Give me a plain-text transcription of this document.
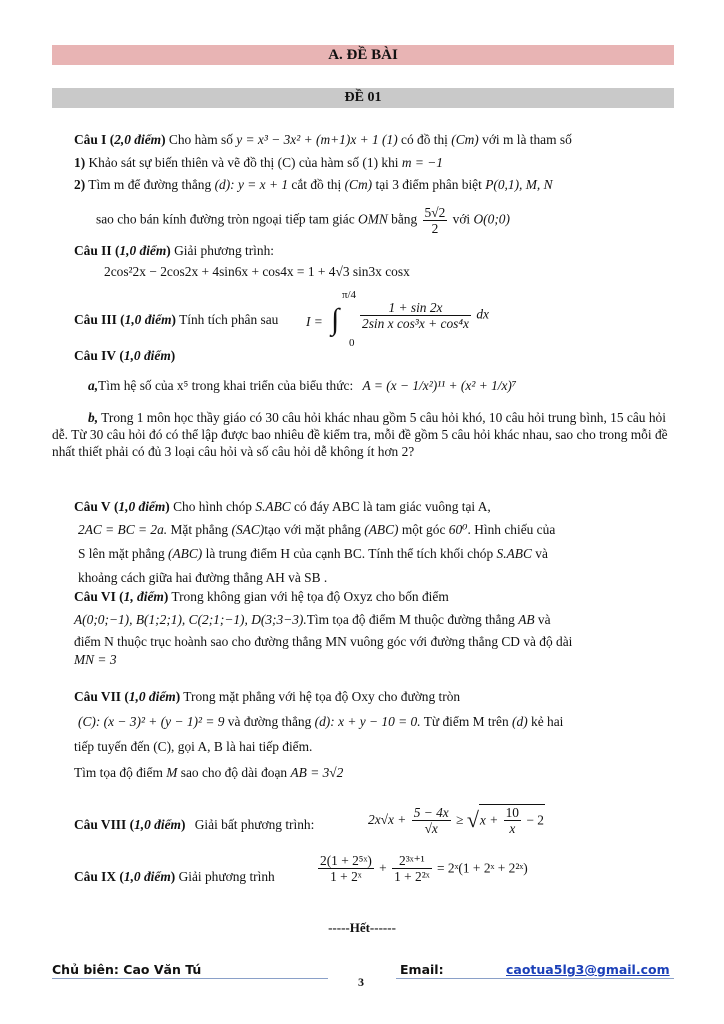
A. ĐỀ BÀI
ĐỀ 01
Câu I (2,0 điểm) Cho hàm số y = x³ − 3x² + (m+1)x + 1 (1) có đồ thị (Cm) với m là tham số
1) Khảo sát sự biến thiên và vẽ đồ thị (C) của hàm số (1) khi m = −1
2) Tìm m để đường thẳng (d): y = x + 1 cắt đồ thị (Cm) tại 3 điểm phân biệt P(0,1), M, N
sao cho bán kính đường tròn ngoại tiếp tam giác OMN bằng $\frac{5√2}{2}$ với O(0;0)
Câu II (1,0 điểm) Giải phương trình:
2cos²2x − 2cos2x + 4sin6x + cos4x = 1 + 4√3 sin3x cosx
Câu III (1,0 điểm) Tính tích phân sau
π/4
I = ∫
0
$\frac{1 + \sin 2x}{\text{2sin x cos³x + cos⁴x}}$ dx
Câu IV (1,0 điểm)
a,Tìm hệ số của x⁵ trong khai triển của biểu thức: A = (x − 1/x²)¹¹ + (x² + 1/x)⁷
b, Trong 1 môn học thầy giáo có 30 câu hỏi khác nhau gồm 5 câu hỏi khó, 10 câu hỏi trung bình, 15 câu hỏi dễ. Từ 30 câu hỏi đó có thể lập được bao nhiêu đề kiểm tra, mỗi đề gồm 5 câu hỏi khác nhau, sao cho trong mỗi đề nhất thiết phải có đủ 3 loại câu hỏi và số câu hỏi dễ không ít hơn 2?
Câu V (1,0 điểm) Cho hình chóp S.ABC có đáy ABC là tam giác vuông tại A,
2AC = BC = 2a. Mặt phẳng (SAC)tạo với mặt phẳng (ABC) một góc 60⁰. Hình chiếu của
S lên mặt phẳng (ABC) là trung điểm H của cạnh BC. Tính thể tích khối chóp S.ABC và
khoảng cách giữa hai đường thẳng AH và SB .
Câu VI (1, điểm) Trong không gian với hệ tọa độ Oxyz cho bốn điểm
A(0;0;−1), B(1;2;1), C(2;1;−1), D(3;3−3).Tìm tọa độ điểm M thuộc đường thẳng AB và
điểm N thuộc trục hoành sao cho đường thẳng MN vuông góc với đường thẳng CD và độ dài
MN = 3
Câu VII (1,0 điểm) Trong mặt phẳng với hệ tọa độ Oxy cho đường tròn
(C): (x − 3)² + (y − 1)² = 9 và đường thẳng (d): x + y − 10 = 0. Từ điểm M trên (d) kẻ hai
tiếp tuyến đến (C), gọi A, B là hai tiếp điểm.
Tìm tọa độ điểm M sao cho độ dài đoạn AB = 3√2
Câu VIII (1,0 điểm) Giải bất phương trình:	$2x√x + \frac{5 - 4x}{√x} \ge √x + \frac{10}{x} - 2$
Câu IX (1,0 điểm) Giải phương trình	$\frac{\text{2(1 + 2⁵ˣ)}}{\text{1 + 2ˣ}} + \frac{\text{2³ˣ⁺¹}}{\text{1 + 2²ˣ}}$ = 2ˣ(1 + 2ˣ + 2²ˣ)
-----Hết------
Chủ biên: Cao Văn Tú	Email:	caotua5lg3@gmail.com
3
